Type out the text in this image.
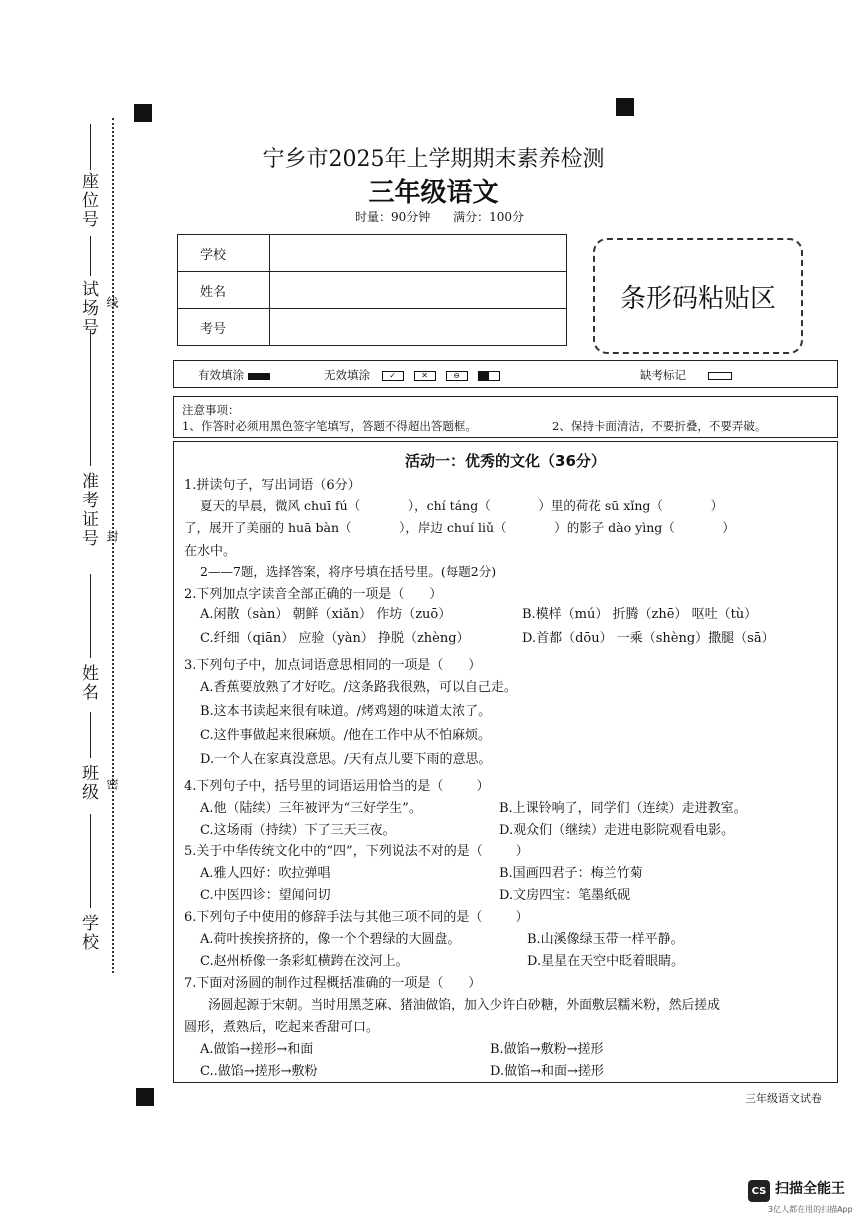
座位号
试场号 线
准考证号 封
姓名
班级 密
学校
宁乡市2025年上学期期末素养检测
三年级语文
时量：90分钟      满分：100分
学校	
姓名	
考号	
条形码粘贴区
有效填涂	无效填涂 ✓	✕	⊖	缺考标记
注意事项：
1、作答时必须用黑色签字笔填写，答题不得超出答题框。	2、保持卡面清洁，不要折叠，不要弄破。
活动一：优秀的文化（36分）
1.拼读句子，写出词语（6分）
夏天的早晨，微风 chuī fú（            ），chí táng（            ）里的荷花 sū xǐng（            ）
了，展开了美丽的 huā bàn（            ），岸边 chuí liǔ（            ）的影子 dào yìng（            ）
在水中。
2——7题，选择答案，将序号填在括号里。(每题2分)
2.下列加点字读音全部正确的一项是（      ）
A.闲散（sàn） 朝鲜（xiǎn） 作坊（zuō）	B.模样（mú） 折腾（zhē） 呕吐（tù）
C.纤细（qiān） 应验（yàn） 挣脱（zhèng）	D.首都（dōu） 一乘（shèng）撒腿（sā）
3.下列句子中，加点词语意思相同的一项是（      ）
A.香蕉要放熟了才好吃。/这条路我很熟，可以自己走。
B.这本书读起来很有味道。/烤鸡翅的味道太浓了。
C.这件事做起来很麻烦。/他在工作中从不怕麻烦。
D.一个人在家真没意思。/天有点儿要下雨的意思。
4.下列句子中，括号里的词语运用恰当的是（        ）
A.他（陆续）三年被评为“三好学生”。	B.上课铃响了，同学们（连续）走进教室。
C.这场雨（持续）下了三天三夜。	D.观众们（继续）走进电影院观看电影。
5.关于中华传统文化中的“四”，下列说法不对的是（        ）
A.雅人四好：吹拉弹唱	B.国画四君子：梅兰竹菊
C.中医四诊：望闻问切	D.文房四宝：笔墨纸砚
6.下列句子中使用的修辞手法与其他三项不同的是（        ）
A.荷叶挨挨挤挤的，像一个个碧绿的大圆盘。	B.山溪像绿玉带一样平静。
C.赵州桥像一条彩虹横跨在洨河上。	D.星星在天空中眨着眼睛。
7.下面对汤圆的制作过程概括准确的一项是（      ）
汤圆起源于宋朝。当时用黑芝麻、猪油做馅，加入少许白砂糖，外面敷层糯米粉，然后搓成
圆形，煮熟后，吃起来香甜可口。
A.做馅→搓形→和面	B.做馅→敷粉→搓形
C..做馅→搓形→敷粉	D.做馅→和面→搓形
三年级语文试卷
CS 扫描全能王
3亿人都在用的扫描App
